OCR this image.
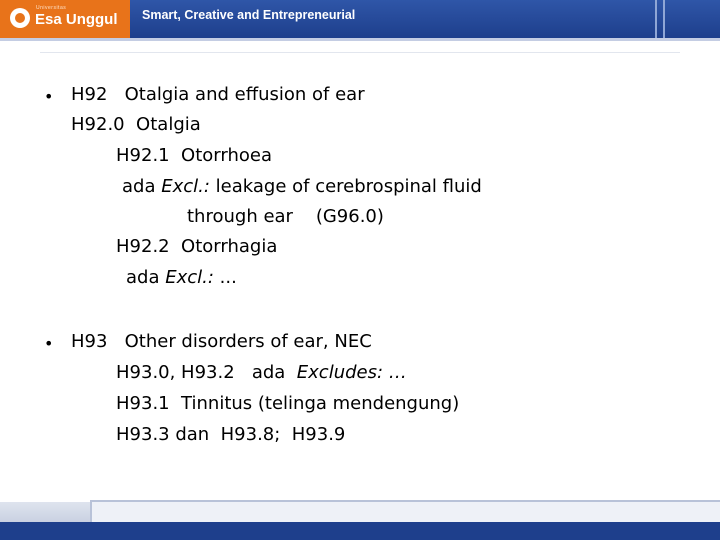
Universitas
Esa Unggul Smart, Creative and Entrepreneurial
• H92   Otalgia and effusion of ear
H92.0  Otalgia
H92.1  Otorrhoea
ada Excl.: leakage of cerebrospinal fluid
through ear    (G96.0)
H92.2  Otorrhagia
ada Excl.: ...
• H93   Other disorders of ear, NEC
H93.0, H93.2   ada  Excludes: …
H93.1  Tinnitus (telinga mendengung)
H93.3 dan  H93.8;  H93.9
